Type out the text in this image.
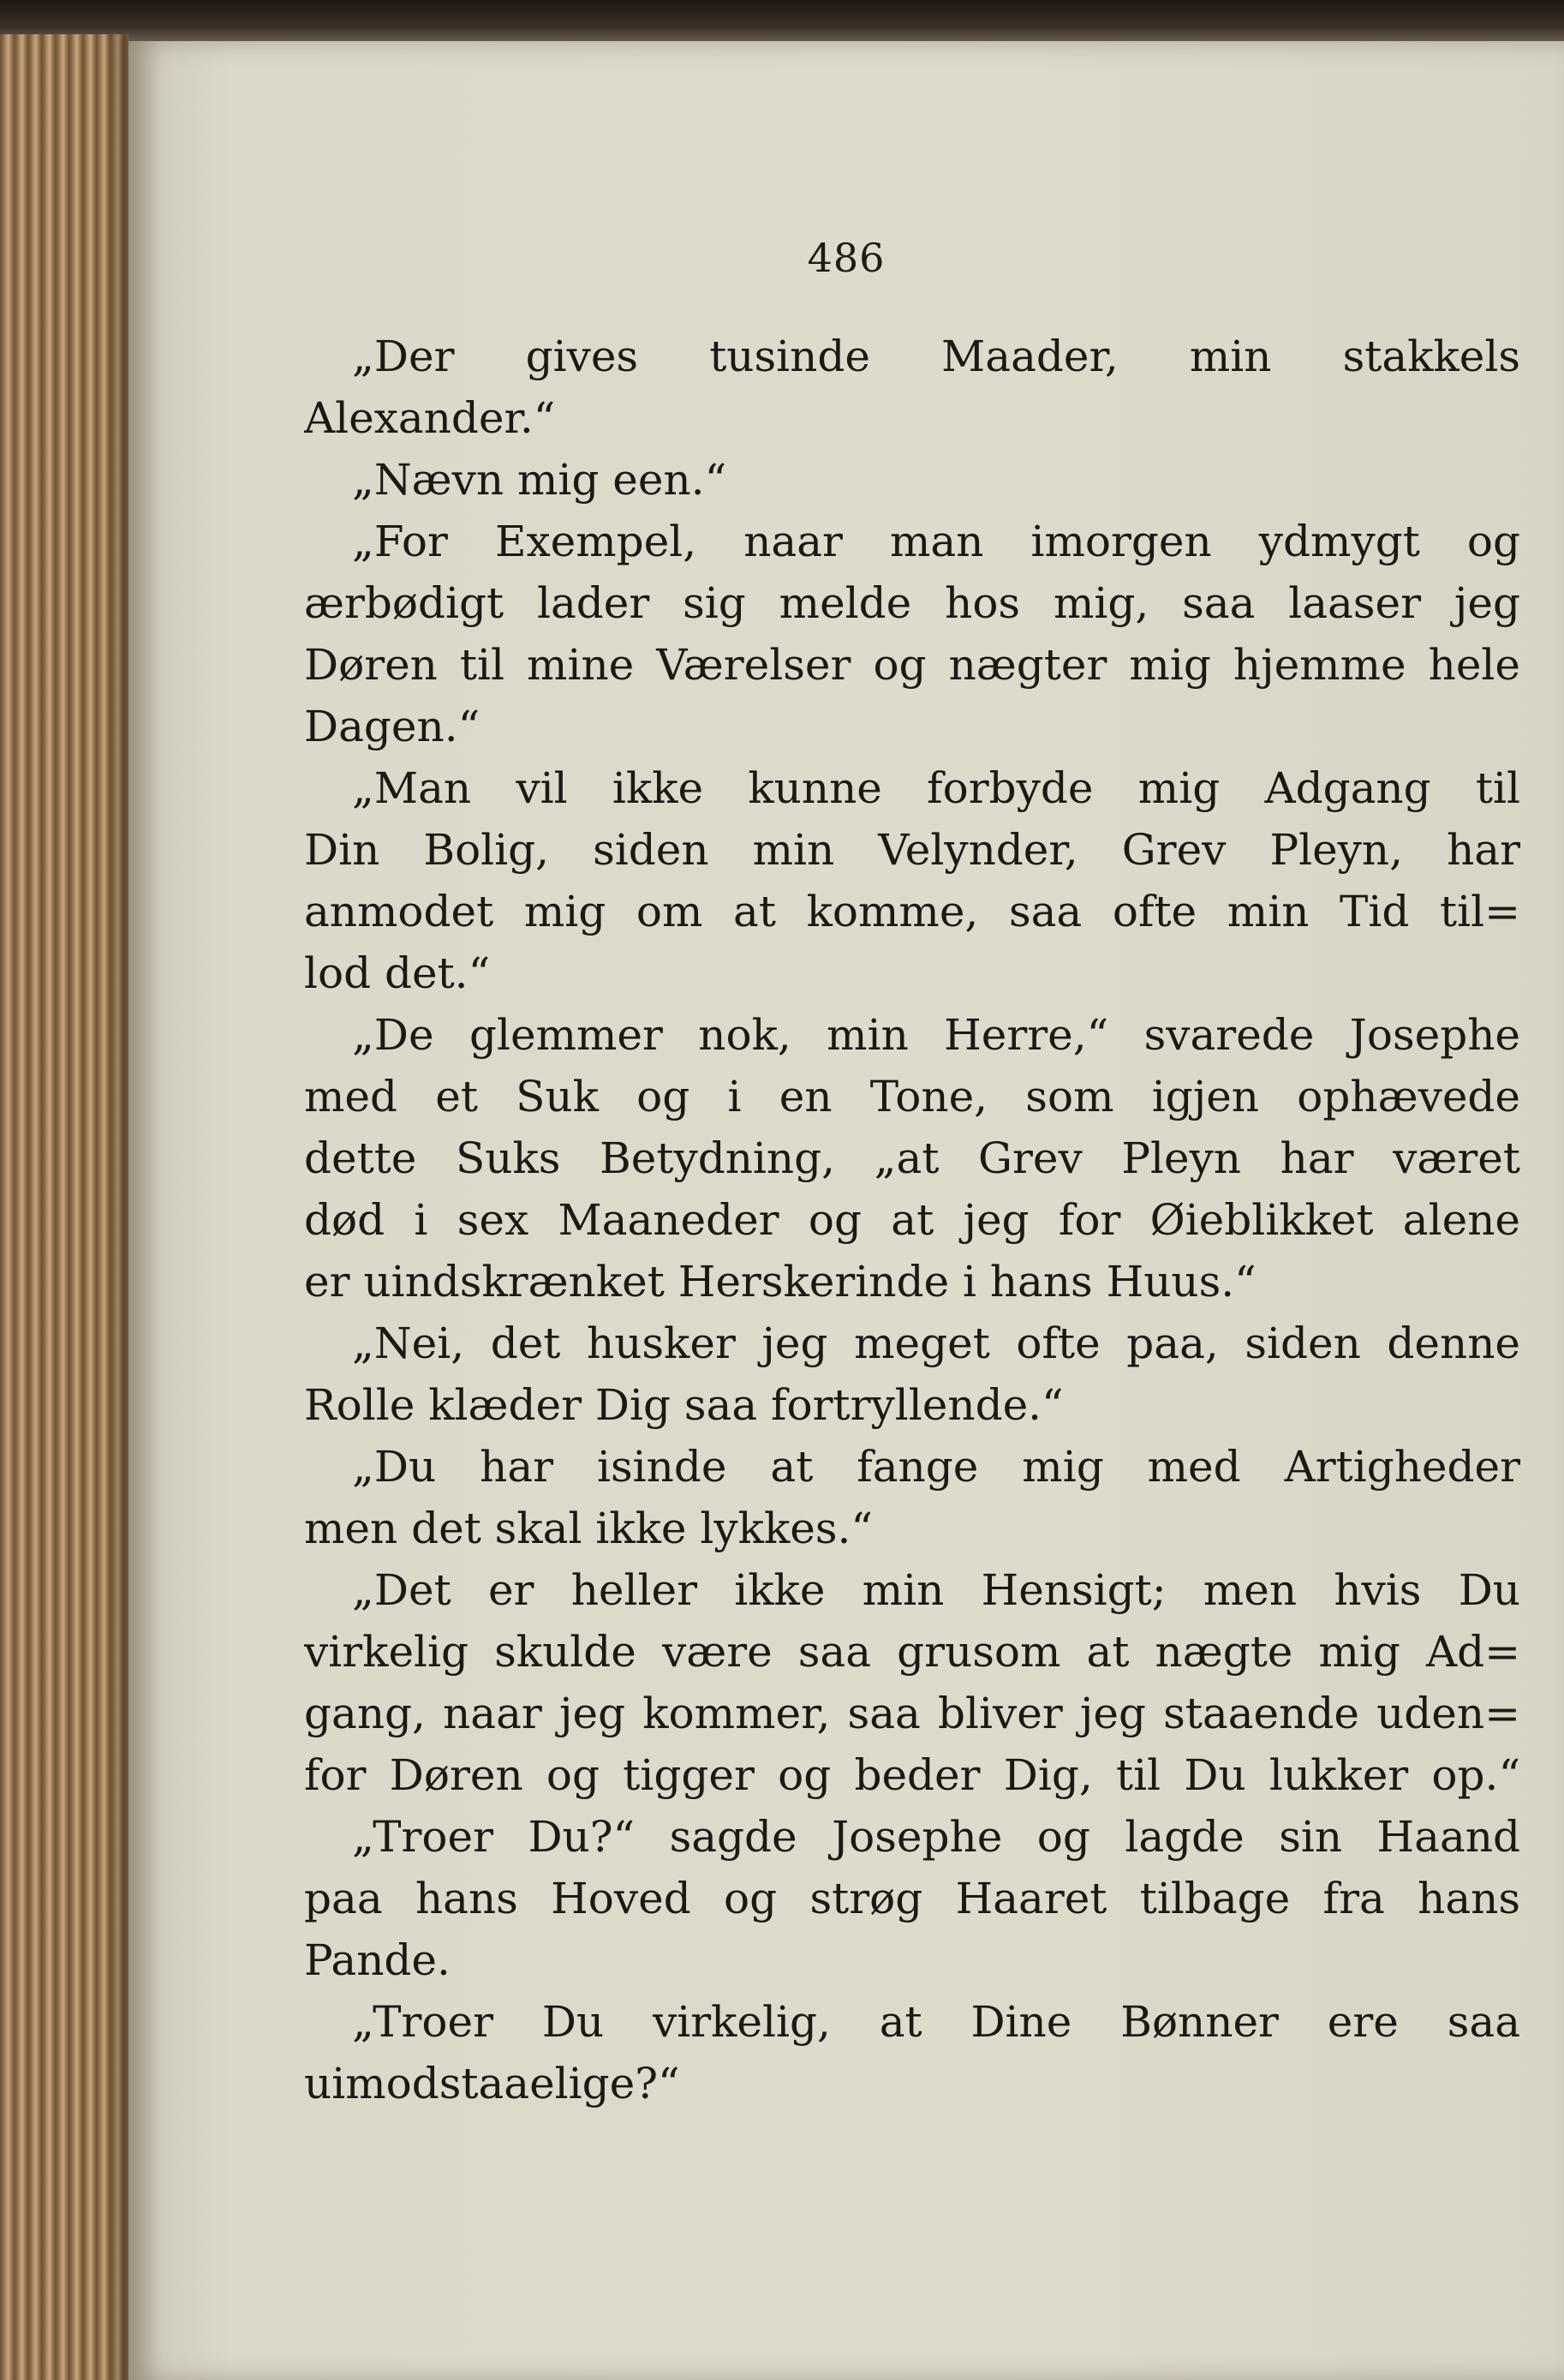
486
„Der gives tusinde Maader, min stakkels
Alexander.“
„Nævn mig een.“
„For Exempel, naar man imorgen ydmygt og
ærbødigt lader sig melde hos mig, saa laaser jeg
Døren til mine Værelser og nægter mig hjemme hele
Dagen.“
„Man vil ikke kunne forbyde mig Adgang til
Din Bolig, siden min Velynder, Grev Pleyn, har
anmodet mig om at komme, saa ofte min Tid til=
lod det.“
„De glemmer nok, min Herre,“ svarede Josephe
med et Suk og i en Tone, som igjen ophævede
dette Suks Betydning, „at Grev Pleyn har været
død i sex Maaneder og at jeg for Øieblikket alene
er uindskrænket Herskerinde i hans Huus.“
„Nei, det husker jeg meget ofte paa, siden denne
Rolle klæder Dig saa fortryllende.“
„Du har isinde at fange mig med Artigheder
men det skal ikke lykkes.“
„Det er heller ikke min Hensigt; men hvis Du
virkelig skulde være saa grusom at nægte mig Ad=
gang, naar jeg kommer, saa bliver jeg staaende uden=
for Døren og tigger og beder Dig, til Du lukker op.“
„Troer Du?“ sagde Josephe og lagde sin Haand
paa hans Hoved og strøg Haaret tilbage fra hans
Pande.
„Troer Du virkelig, at Dine Bønner ere saa
uimodstaaelige?“
